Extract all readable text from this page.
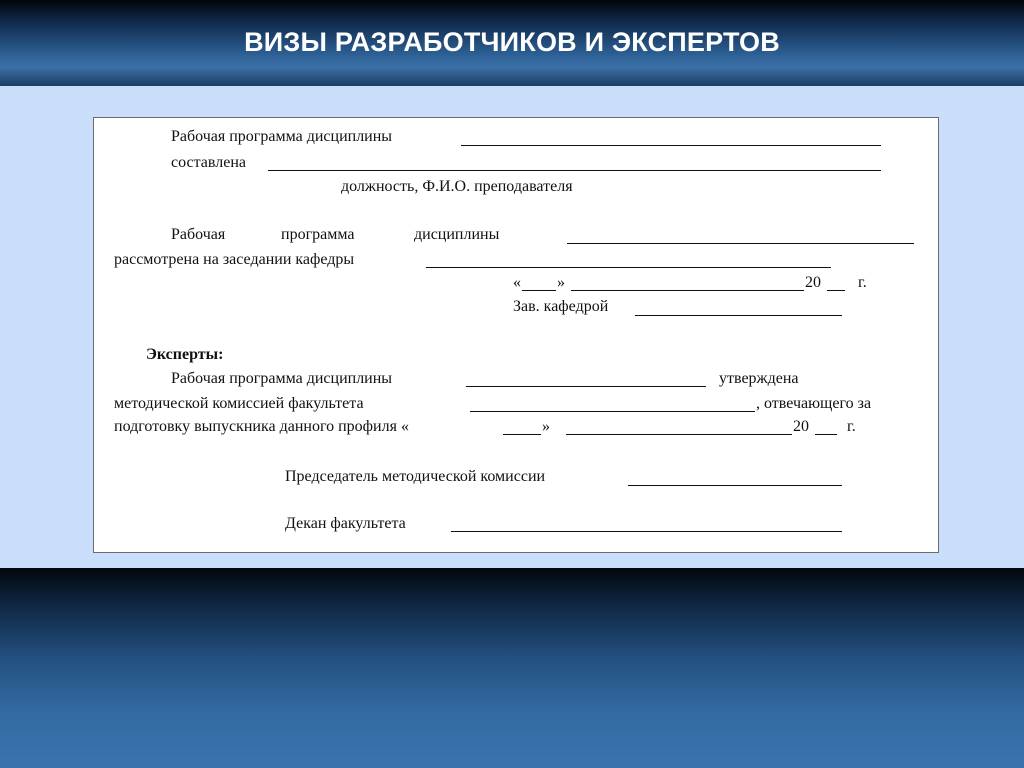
ВИЗЫ РАЗРАБОТЧИКОВ И ЭКСПЕРТОВ
Рабочая программа дисциплины
составлена
должность, Ф.И.О. преподавателя
Рабочая	программа	дисциплины
рассмотрена на заседании кафедры
« »	20 г.
Зав. кафедрой
Эксперты:
Рабочая программа дисциплины	утверждена
методической комиссией факультета	, отвечающего за
подготовку выпускника данного профиля «	»	20 г.
Председатель методической комиссии
Декан факультета
